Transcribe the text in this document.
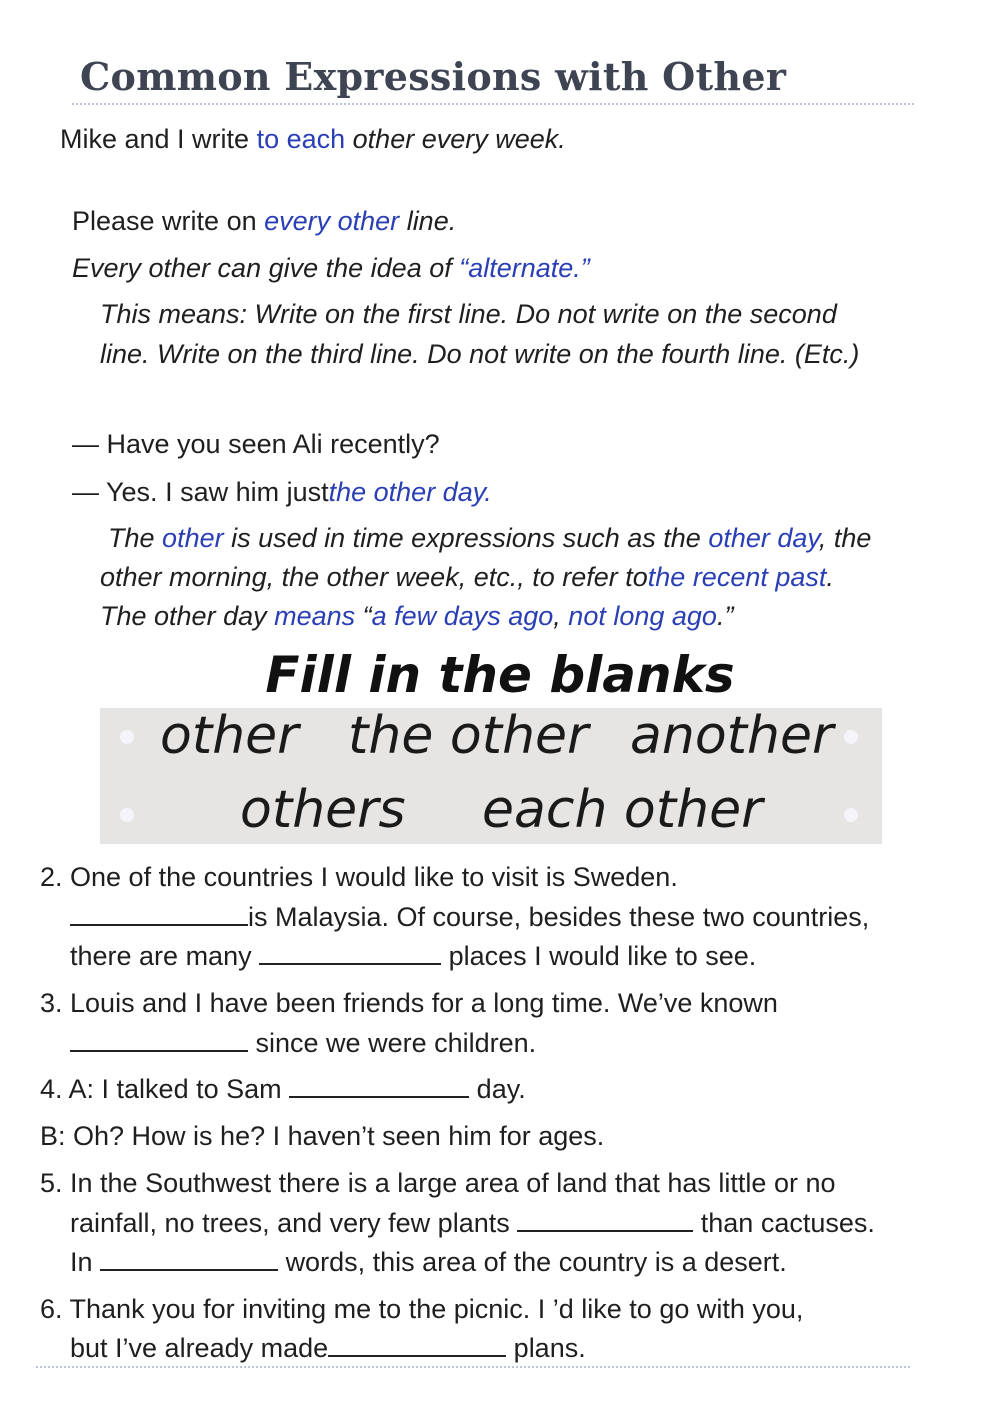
Common Expressions with Other
Mike and I write to each other every week.
Please write on every other line.
Every other can give the idea of “alternate.”
This means: Write on the first line. Do not write on the second
line. Write on the third line. Do not write on the fourth line. (Etc.)
— Have you seen Ali recently?
— Yes. I saw him justthe other day.
The other is used in time expressions such as the other day, the
other morning, the other week, etc., to refer tothe recent past.
The other day means “a few days ago, not long ago.”
Fill in the blanks
other the other another
others each other
2. One of the countries I would like to visit is Sweden.
is Malaysia. Of course, besides these two countries,
there are many	places I would like to see.
3. Louis and I have been friends for a long time. We’ve known
since we were children.
4. A: I talked to Sam	day.
B: Oh? How is he? I haven’t seen him for ages.
5. In the Southwest there is a large area of land that has little or no
rainfall, no trees, and very few plants	than cactuses.
In	words, this area of the country is a desert.
6. Thank you for inviting me to the picnic. I ’d like to go with you,
but I’ve already made	plans.
